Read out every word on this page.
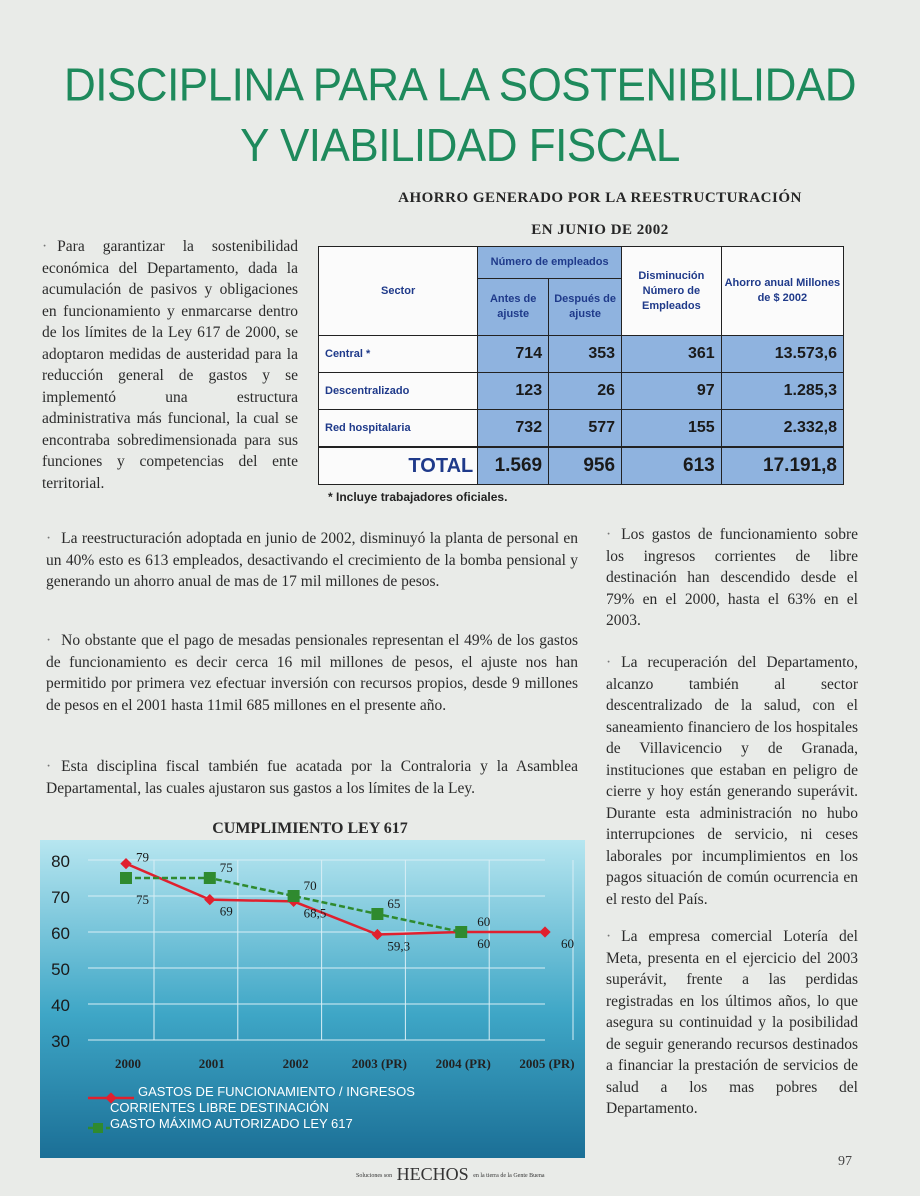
DISCIPLINA PARA LA SOSTENIBILIDAD
Y VIABILIDAD FISCAL
AHORRO GENERADO POR LA REESTRUCTURACIÓN
EN JUNIO DE 2002
Sector	Número de empleados		Disminución Número de Empleados	Ahorro anual Millones de $ 2002
	Antes de ajuste	Después de ajuste		
Central *	714	353	361	13.573,6
Descentralizado	123	26	97	1.285,3
Red hospitalaria	732	577	155	2.332,8
TOTAL	1.569	956	613	17.191,8
* Incluye trabajadores oficiales.
· Para garantizar la sostenibilidad económica del Departamento, dada la acumulación de pasivos y obligaciones en funcionamiento y enmarcarse dentro de los límites de la Ley 617 de 2000, se adoptaron medidas de austeridad para la reducción general de gastos y se implementó una estructura administrativa más funcional, la cual se encontraba sobredimensionada para sus funciones y competencias del ente territorial.
· La reestructuración adoptada en junio de 2002, disminuyó la planta de personal en un 40% esto es 613 empleados, desactivando el crecimiento de la bomba pensional y generando un ahorro anual de mas de 17 mil millones de pesos.
· No obstante que el pago de mesadas pensionales representan el 49% de los gastos de funcionamiento es decir cerca 16 mil millones de pesos, el ajuste nos han permitido por primera vez efectuar inversión con recursos propios, desde 9 millones de pesos en el 2001 hasta 11mil 685 millones en el presente año.
· Esta disciplina fiscal también fue acatada por la Contraloria y la Asamblea Departamental, las cuales ajustaron sus gastos a los límites de la Ley.
· Los gastos de funcionamiento sobre los ingresos corrientes de libre destinación han descendido desde el 79% en el 2000, hasta el 63% en el 2003.
· La recuperación del Departamento, alcanzo también al sector descentralizado de la salud, con el saneamiento financiero de los hospitales de Villavicencio y de Granada, instituciones que estaban en peligro de cierre y hoy están generando superávit. Durante esta administración no hubo interrupciones de servicio, ni ceses laborales por incumplimientos en los pagos situación de común ocurrencia en el resto del País.
· La empresa comercial Lotería del Meta, presenta en el ejercicio del 2003 superávit, frente a las perdidas registradas en los últimos años, lo que asegura su continuidad y la posibilidad de seguir generando recursos destinados a financiar la prestación de servicios de salud a los mas pobres del Departamento.
CUMPLIMIENTO LEY 617
30
40
50
60
70
80
2000	2001	2002	2003 (PR) 2004 (PR) 2005 (PR)
79
69	68,5
59,3	60	60
75
75
70
65
60
GASTOS DE FUNCIONAMIENTO / INGRESOS
CORRIENTES LIBRE DESTINACIÓN
GASTO MÁXIMO AUTORIZADO LEY 617
97
Soluciones son HECHOS en la tierra de la Gente Buena
